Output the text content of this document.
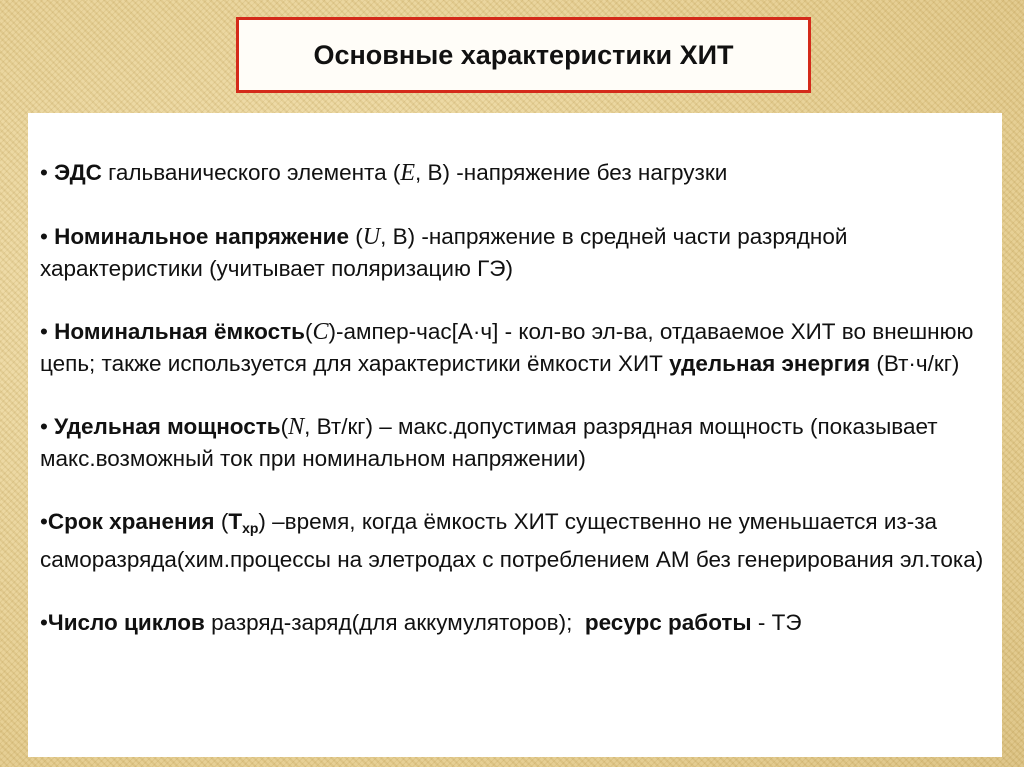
Основные характеристики ХИТ

• ЭДС гальванического элемента (E, В) -напряжение без нагрузки

• Номинальное напряжение (U, В) -напряжение в средней части разрядной характеристики (учитывает поляризацию ГЭ)

• Номинальная ёмкость(C)-ампер-час[А·ч] - кол-во эл-ва, отдаваемое ХИТ во внешнюю цепь; также используется для характеристики ёмкости ХИТ удельная энергия (Вт·ч/кг)

• Удельная мощность(N, Вт/кг) – макс.допустимая разрядная мощность (показывает макс.возможный ток при номинальном напряжении)

•Срок хранения $(Т_{хр})$ –время, когда ёмкость ХИТ существенно не уменьшается из-за саморазряда(хим.процессы на элетродах с потреблением АМ без генерирования эл.тока)

•Число циклов разряд-заряд(для аккумуляторов);  ресурс работы - ТЭ
